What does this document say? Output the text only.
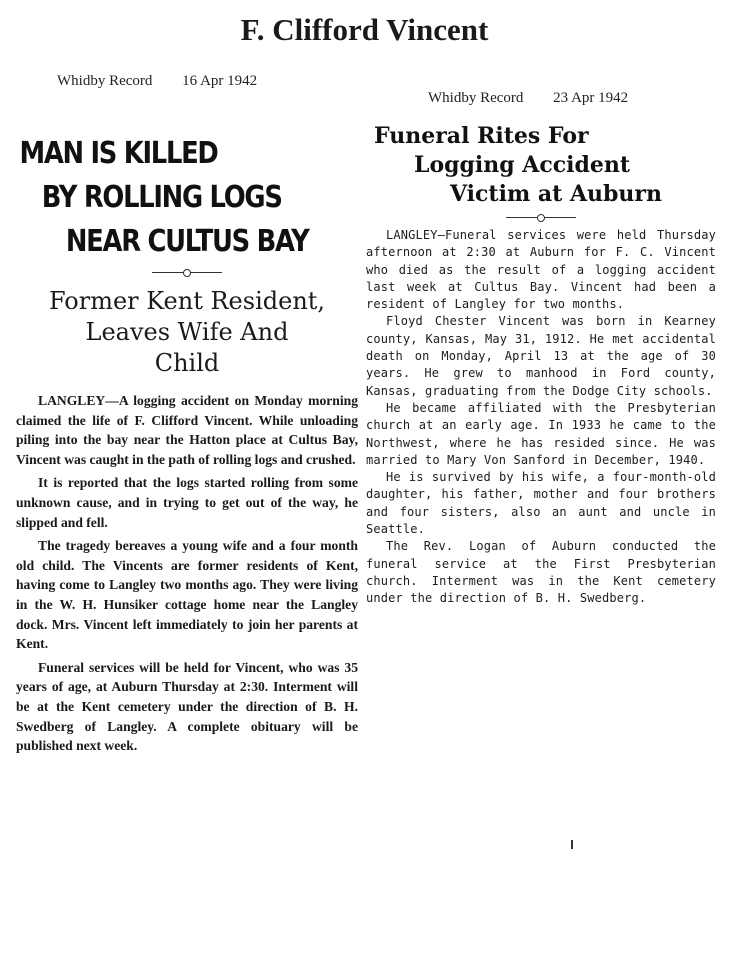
F. Clifford Vincent
Whidby Record 16 Apr 1942
Whidby Record 23 Apr 1942
MAN IS KILLED
BY ROLLING LOGS
NEAR CULTUS BAY
Former Kent Resident,
Leaves Wife And
Child

LANGLEY—A logging accident on Monday morning claimed the life of F. Clifford Vincent. While unloading piling into the bay near the Hatton place at Cultus Bay, Vincent was caught in the path of rolling logs and crushed.

It is reported that the logs started rolling from some unknown cause, and in trying to get out of the way, he slipped and fell.

The tragedy bereaves a young wife and a four month old child. The Vincents are former residents of Kent, having come to Langley two months ago. They were living in the W. H. Hunsiker cottage home near the Langley dock. Mrs. Vincent left immediately to join her parents at Kent.

Funeral services will be held for Vincent, who was 35 years of age, at Auburn Thursday at 2:30. Interment will be at the Kent cemetery under the direction of B. H. Swedberg of Langley. A complete obituary will be published next week.

Funeral Rites For
Logging Accident
Victim at Auburn

LANGLEY—Funeral services were held Thursday afternoon at 2:30 at Auburn for F. C. Vincent who died as the result of a logging accident last week at Cultus Bay. Vincent had been a resident of Langley for two months.

Floyd Chester Vincent was born in Kearney county, Kansas, May 31, 1912. He met accidental death on Monday, April 13 at the age of 30 years. He grew to manhood in Ford county, Kansas, graduating from the Dodge City schools.

He became affiliated with the Presbyterian church at an early age. In 1933 he came to the Northwest, where he has resided since. He was married to Mary Von Sanford in December, 1940.

He is survived by his wife, a four-month-old daughter, his father, mother and four brothers and four sisters, also an aunt and uncle in Seattle.

The Rev. Logan of Auburn conducted the funeral service at the First Presbyterian church. Interment was in the Kent cemetery under the direction of B. H. Swedberg.
